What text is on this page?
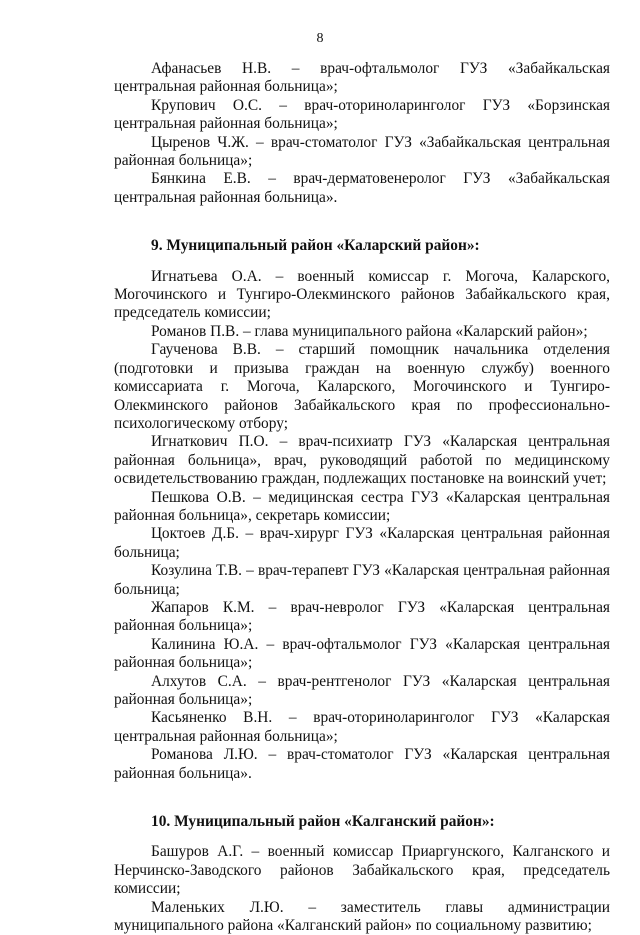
8

Афанасьев Н.В. – врач-офтальмолог ГУЗ «Забайкальская центральная районная больница»;

Крупович О.С. – врач-оториноларинголог ГУЗ «Борзинская центральная районная больница»;

Цыренов Ч.Ж. – врач-стоматолог ГУЗ «Забайкальская центральная районная больница»;

Бянкина Е.В. – врач-дерматовенеролог ГУЗ «Забайкальская центральная районная больница».

9. Муниципальный район «Каларский район»:

Игнатьева О.А. – военный комиссар г. Могоча, Каларского, Могочинского и Тунгиро-Олекминского районов Забайкальского края, председатель комиссии;

Романов П.В. – глава муниципального района «Каларский район»;

Гаученова В.В. – старший помощник начальника отделения (подготовки и призыва граждан на военную службу) военного комиссариата г. Могоча, Каларского, Могочинского и Тунгиро-Олекминского районов Забайкальского края по профессионально-психологическому отбору;

Игнаткович П.О. – врач-психиатр ГУЗ «Каларская центральная районная больница», врач, руководящий работой по медицинскому освидетельствованию граждан, подлежащих постановке на воинский учет;

Пешкова О.В. – медицинская сестра ГУЗ «Каларская центральная районная больница», секретарь комиссии;

Цоктоев Д.Б. – врач-хирург ГУЗ «Каларская центральная районная больница;

Козулина Т.В. – врач-терапевт ГУЗ «Каларская центральная районная больница;

Жапаров К.М. – врач-невролог ГУЗ «Каларская центральная районная больница»;

Калинина Ю.А. – врач-офтальмолог ГУЗ «Каларская центральная районная больница»;

Алхутов С.А. – врач-рентгенолог ГУЗ «Каларская центральная районная больница»;

Касьяненко В.Н. – врач-оториноларинголог ГУЗ «Каларская центральная районная больница»;

Романова Л.Ю. – врач-стоматолог ГУЗ «Каларская центральная районная больница».

10. Муниципальный район «Калганский район»:

Башуров А.Г. – военный комиссар Приаргунского, Калганского и Нерчинско-Заводского районов Забайкальского края, председатель комиссии;

Маленьких Л.Ю. – заместитель главы администрации муниципального района «Калганский район» по социальному развитию;
